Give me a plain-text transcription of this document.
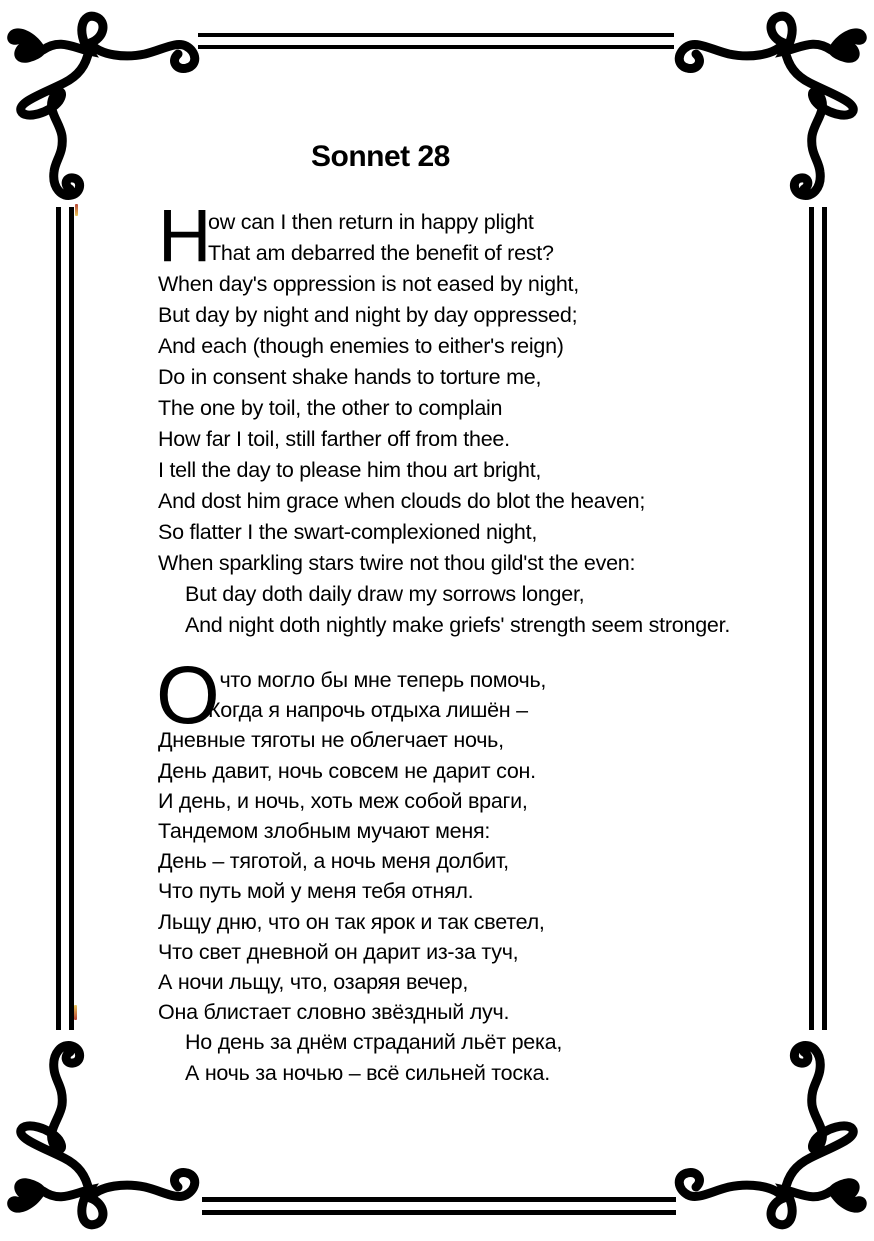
Sonnet 28
H
ow can I then return in happy plight
That am debarred the benefit of rest?
When day's oppression is not eased by night,
But day by night and night by day oppressed;
And each (though enemies to either's reign)
Do in consent shake hands to torture me,
The one by toil, the other to complain
How far I toil, still farther off from thee.
I tell the day to please him thou art bright,
And dost him grace when clouds do blot the heaven;
So flatter I the swart-complexioned night,
When sparkling stars twire not thou gild'st the even:
But day doth daily draw my sorrows longer,
And night doth nightly make griefs' strength seem stronger.
О
, что могло бы мне теперь помочь,
Когда я напрочь отдыха лишён –
Дневные тяготы не облегчает ночь,
День давит, ночь совсем не дарит сон.
И день, и ночь, хоть меж собой враги,
Тандемом злобным мучают меня:
День – тяготой, а ночь меня долбит,
Что путь мой у меня тебя отнял.
Льщу дню, что он так ярок и так светел,
Что свет дневной он дарит из-за туч,
А ночи льщу, что, озаряя вечер,
Она блистает словно звёздный луч.
Но день за днём страданий льёт река,
А ночь за ночью – всё сильней тоска.
